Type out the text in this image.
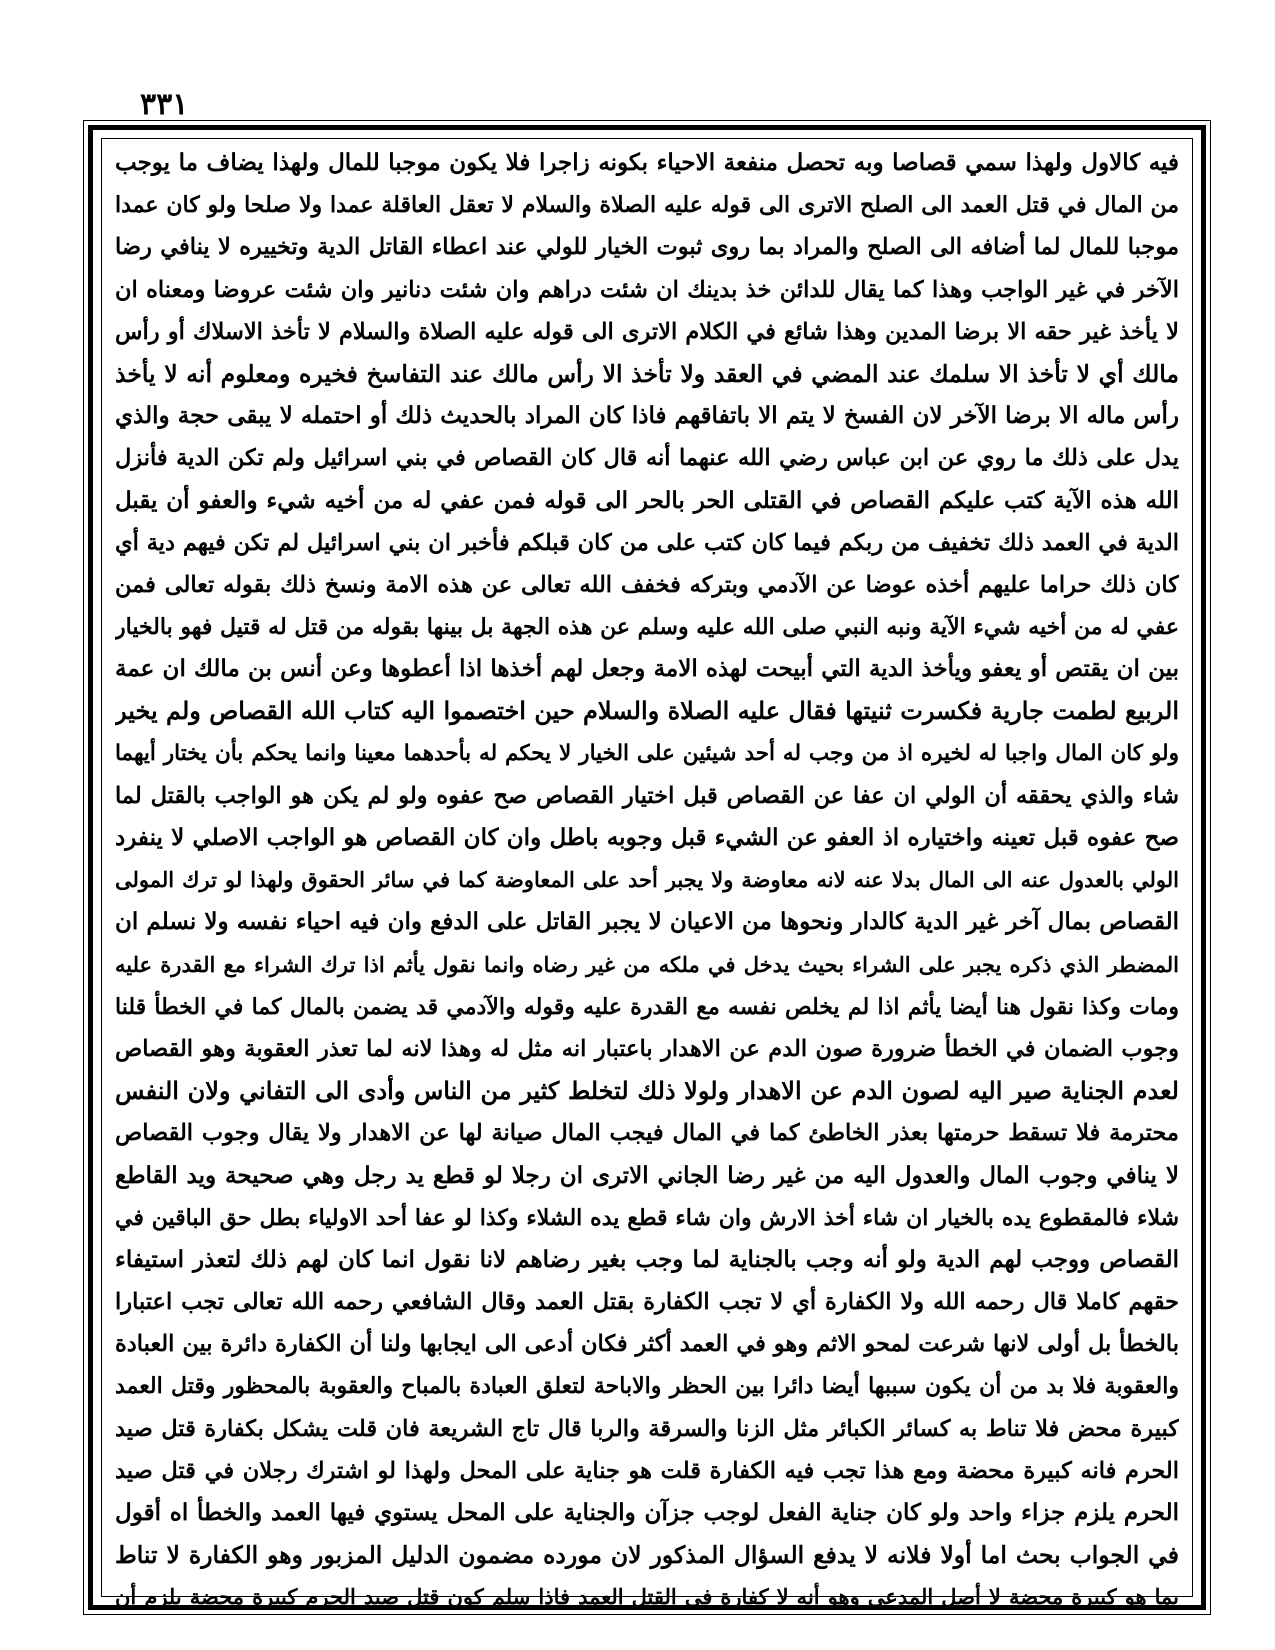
٣٣١
فيه كالاول ولهذا سمي قصاصا وبه تحصل منفعة الاحياء بكونه زاجرا فلا يكون موجبا للمال ولهذا يضاف ما يوجب
من المال في قتل العمد الى الصلح الاترى الى قوله عليه الصلاة والسلام لا تعقل العاقلة عمدا ولا صلحا ولو كان عمدا
موجبا للمال لما أضافه الى الصلح والمراد بما روى ثبوت الخيار للولي عند اعطاء القاتل الدية وتخييره لا ينافي رضا
الآخر في غير الواجب وهذا كما يقال للدائن خذ بدينك ان شئت دراهم وان شئت دنانير وان شئت عروضا ومعناه ان
لا يأخذ غير حقه الا برضا المدين وهذا شائع في الكلام الاترى الى قوله عليه الصلاة والسلام لا تأخذ الاسلاك أو رأس
مالك أي لا تأخذ الا سلمك عند المضي في العقد ولا تأخذ الا رأس مالك عند التفاسخ فخيره ومعلوم أنه لا يأخذ
رأس ماله الا برضا الآخر لان الفسخ لا يتم الا باتفاقهم فاذا كان المراد بالحديث ذلك أو احتمله لا يبقى حجة والذي
يدل على ذلك ما روي عن ابن عباس رضي الله عنهما أنه قال كان القصاص في بني اسرائيل ولم تكن الدية فأنزل
الله هذه الآية كتب عليكم القصاص في القتلى الحر بالحر الى قوله فمن عفي له من أخيه شيء والعفو أن يقبل
الدية في العمد ذلك تخفيف من ربكم فيما كان كتب على من كان قبلكم فأخبر ان بني اسرائيل لم تكن فيهم دية أي
كان ذلك حراما عليهم أخذه عوضا عن الآدمي وبتركه فخفف الله تعالى عن هذه الامة ونسخ ذلك بقوله تعالى فمن
عفي له من أخيه شيء الآية ونبه النبي صلى الله عليه وسلم عن هذه الجهة بل بينها بقوله من قتل له قتيل فهو بالخيار
بين ان يقتص أو يعفو ويأخذ الدية التي أبيحت لهذه الامة وجعل لهم أخذها اذا أعطوها وعن أنس بن مالك ان عمة
الربيع لطمت جارية فكسرت ثنيتها فقال عليه الصلاة والسلام حين اختصموا اليه كتاب الله القصاص ولم يخير
ولو كان المال واجبا له لخيره اذ من وجب له أحد شيئين على الخيار لا يحكم له بأحدهما معينا وانما يحكم بأن يختار أيهما
شاء والذي يحققه أن الولي ان عفا عن القصاص قبل اختيار القصاص صح عفوه ولو لم يكن هو الواجب بالقتل لما
صح عفوه قبل تعينه واختياره اذ العفو عن الشيء قبل وجوبه باطل وان كان القصاص هو الواجب الاصلي لا ينفرد
الولي بالعدول عنه الى المال بدلا عنه لانه معاوضة ولا يجبر أحد على المعاوضة كما في سائر الحقوق ولهذا لو ترك المولى
القصاص بمال آخر غير الدية كالدار ونحوها من الاعيان لا يجبر القاتل على الدفع وان فيه احياء نفسه ولا نسلم ان
المضطر الذي ذكره يجبر على الشراء بحيث يدخل في ملكه من غير رضاه وانما نقول يأثم اذا ترك الشراء مع القدرة عليه
ومات وكذا نقول هنا أيضا يأثم اذا لم يخلص نفسه مع القدرة عليه وقوله والآدمي قد يضمن بالمال كما في الخطأ قلنا
وجوب الضمان في الخطأ ضرورة صون الدم عن الاهدار باعتبار انه مثل له وهذا لانه لما تعذر العقوبة وهو القصاص
لعدم الجناية صير اليه لصون الدم عن الاهدار ولولا ذلك لتخلط كثير من الناس وأدى الى التفاني ولان النفس
محترمة فلا تسقط حرمتها بعذر الخاطئ كما في المال فيجب المال صيانة لها عن الاهدار ولا يقال وجوب القصاص
لا ينافي وجوب المال والعدول اليه من غير رضا الجاني الاترى ان رجلا لو قطع يد رجل وهي صحيحة ويد القاطع
شلاء فالمقطوع يده بالخيار ان شاء أخذ الارش وان شاء قطع يده الشلاء وكذا لو عفا أحد الاولياء بطل حق الباقين في
القصاص ووجب لهم الدية ولو أنه وجب بالجناية لما وجب بغير رضاهم لانا نقول انما كان لهم ذلك لتعذر استيفاء
حقهم كاملا قال رحمه الله ولا الكفارة أي لا تجب الكفارة بقتل العمد وقال الشافعي رحمه الله تعالى تجب اعتبارا
بالخطأ بل أولى لانها شرعت لمحو الاثم وهو في العمد أكثر فكان أدعى الى ايجابها ولنا أن الكفارة دائرة بين العبادة
والعقوبة فلا بد من أن يكون سببها أيضا دائرا بين الحظر والاباحة لتعلق العبادة بالمباح والعقوبة بالمحظور وقتل العمد
كبيرة محض فلا تناط به كسائر الكبائر مثل الزنا والسرقة والربا قال تاج الشريعة فان قلت يشكل بكفارة قتل صيد
الحرم فانه كبيرة محضة ومع هذا تجب فيه الكفارة قلت هو جناية على المحل ولهذا لو اشترك رجلان في قتل صيد
الحرم يلزم جزاء واحد ولو كان جناية الفعل لوجب جزآن والجناية على المحل يستوي فيها العمد والخطأ اه أقول
في الجواب بحث اما أولا فلانه لا يدفع السؤال المذكور لان مورده مضمون الدليل المزبور وهو الكفارة لا تناط
بما هو كبيرة محضة لا أصل المدعى وهو أنه لا كفارة في القتل العمد فاذا سلم كون قتل صيد الحرم كبيرة محضة يلزم أن
